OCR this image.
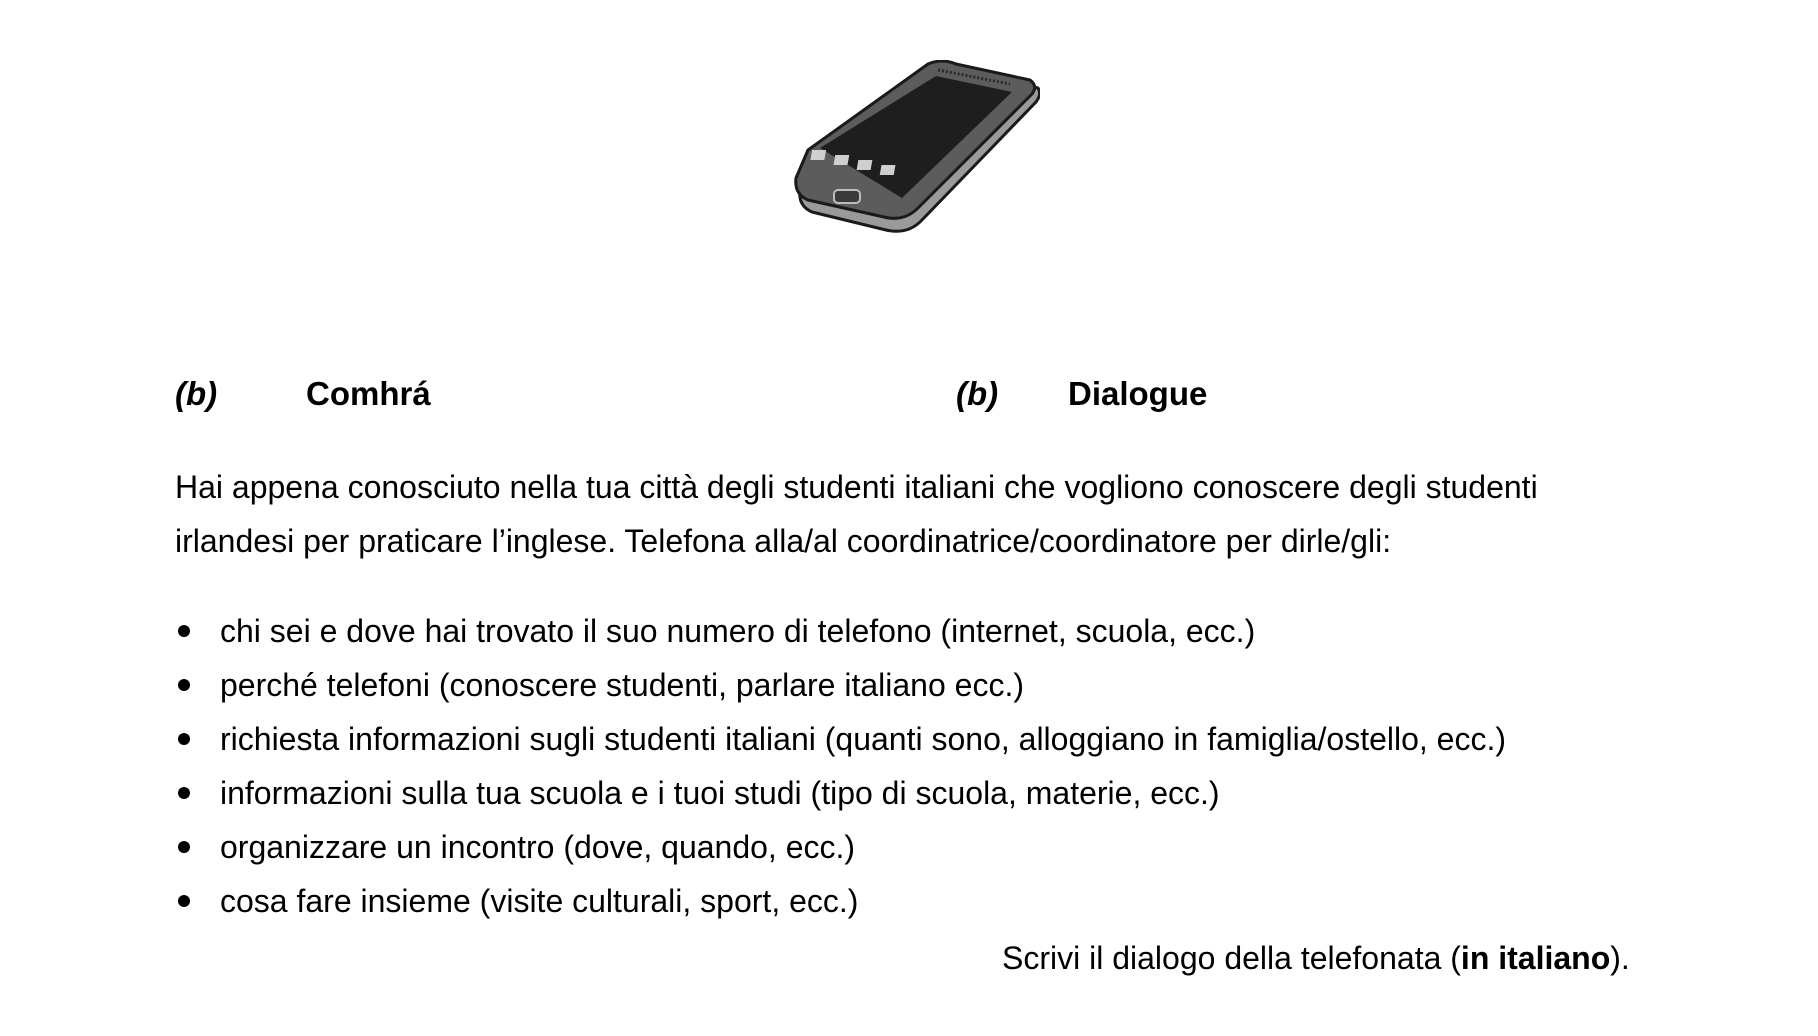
(b)	Comhrá	(b) Dialogue

Hai appena conosciuto nella tua città degli studenti italiani che vogliono conoscere degli studenti

irlandesi per praticare l’inglese. Telefona alla/al coordinatrice/coordinatore per dirle/gli:

chi sei e dove hai trovato il suo numero di telefono (internet, scuola, ecc.)
perché telefoni (conoscere studenti, parlare italiano ecc.)
richiesta informazioni sugli studenti italiani (quanti sono, alloggiano in famiglia/ostello, ecc.)
informazioni sulla tua scuola e i tuoi studi (tipo di scuola, materie, ecc.)
organizzare un incontro (dove, quando, ecc.)
cosa fare insieme (visite culturali, sport, ecc.)
Scrivi il dialogo della telefonata (in italiano).
